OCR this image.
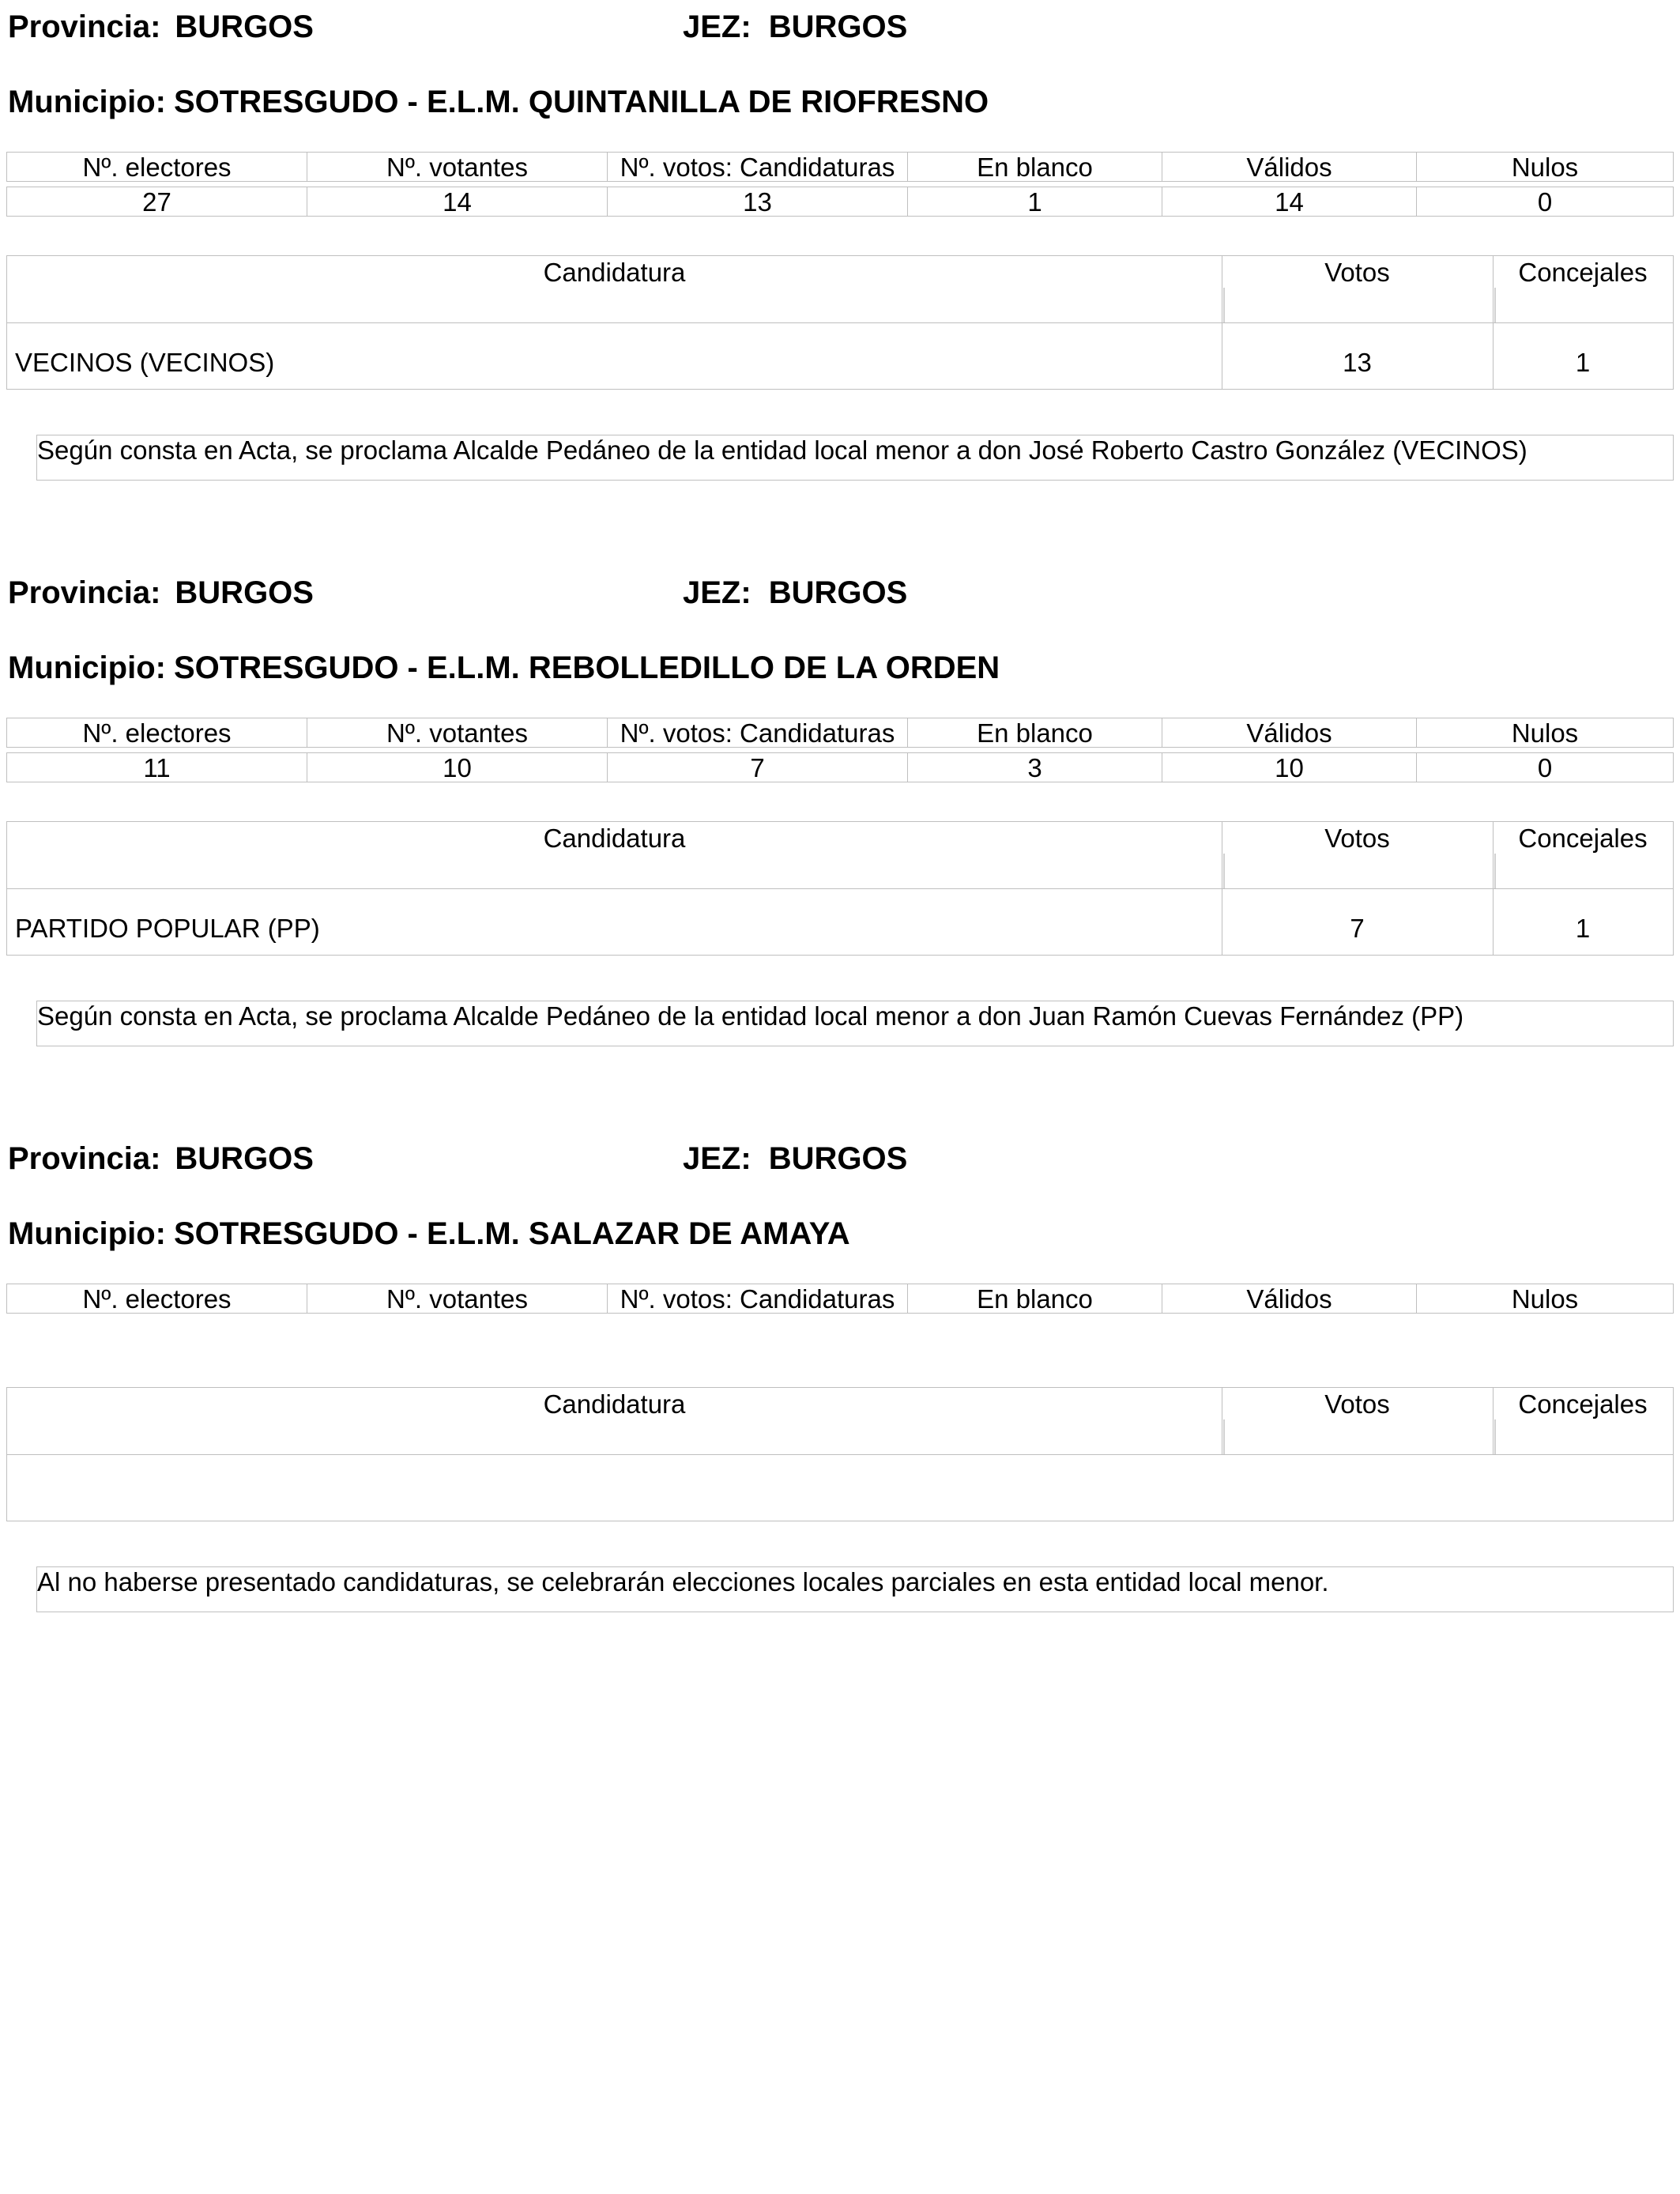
Provincia: BURGOS	JEZ: BURGOS
Municipio: SOTRESGUDO - E.L.M. QUINTANILLA DE RIOFRESNO
Nº. electores	Nº. votantes	Nº. votos: Candidaturas	En blanco	Válidos	Nulos
27	14	13	1	14	0
Candidatura	Votos	Concejales
VECINOS (VECINOS)	13	1
Según consta en Acta, se proclama Alcalde Pedáneo de la entidad local menor a don José Roberto Castro González (VECINOS)
Provincia: BURGOS	JEZ: BURGOS
Municipio: SOTRESGUDO - E.L.M. REBOLLEDILLO DE LA ORDEN
Nº. electores	Nº. votantes	Nº. votos: Candidaturas	En blanco	Válidos	Nulos
11	10	7	3	10	0
Candidatura	Votos	Concejales
PARTIDO POPULAR (PP)	7	1
Según consta en Acta, se proclama Alcalde Pedáneo de la entidad local menor a don Juan Ramón Cuevas Fernández (PP)
Provincia: BURGOS	JEZ: BURGOS
Municipio: SOTRESGUDO - E.L.M. SALAZAR DE AMAYA
Nº. electores	Nº. votantes	Nº. votos: Candidaturas	En blanco	Válidos	Nulos
Candidatura	Votos	Concejales
Al no haberse presentado candidaturas, se celebrarán elecciones locales parciales en esta entidad local menor.
